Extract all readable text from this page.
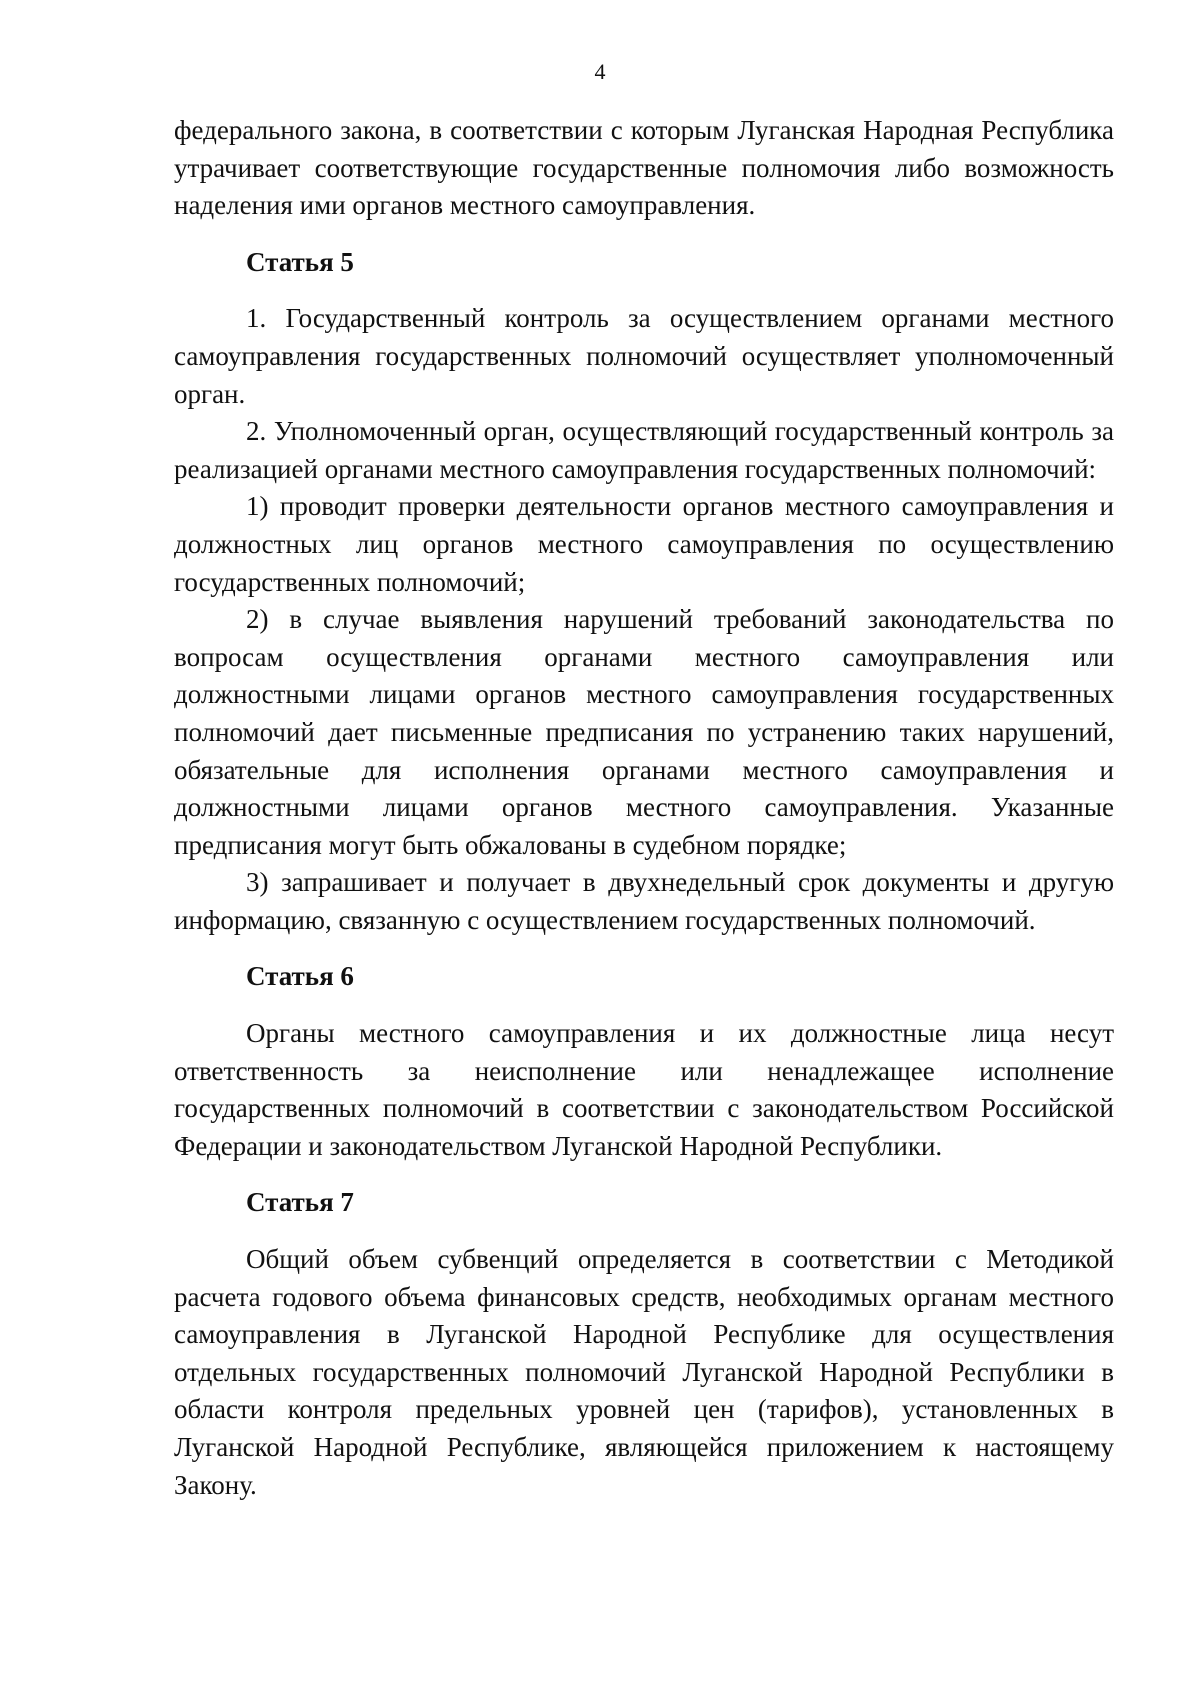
4

федерального закона, в соответствии с которым Луганская Народная Республика утрачивает соответствующие государственные полномочия либо возможность наделения ими органов местного самоуправления.

Статья 5

1. Государственный контроль за осуществлением органами местного самоуправления государственных полномочий осуществляет уполномоченный орган.

2. Уполномоченный орган, осуществляющий государственный контроль за реализацией органами местного самоуправления государственных полномочий:

1) проводит проверки деятельности органов местного самоуправления и должностных лиц органов местного самоуправления по осуществлению государственных полномочий;

2) в случае выявления нарушений требований законодательства по вопросам осуществления органами местного самоуправления или должностными лицами органов местного самоуправления государственных полномочий дает письменные предписания по устранению таких нарушений, обязательные для исполнения органами местного самоуправления и должностными лицами органов местного самоуправления. Указанные предписания могут быть обжалованы в судебном порядке;

3) запрашивает и получает в двухнедельный срок документы и другую информацию, связанную с осуществлением государственных полномочий.

Статья 6

Органы местного самоуправления и их должностные лица несут ответственность за неисполнение или ненадлежащее исполнение государственных полномочий в соответствии с законодательством Российской Федерации и законодательством Луганской Народной Республики.

Статья 7

Общий объем субвенций определяется в соответствии с Методикой расчета годового объема финансовых средств, необходимых органам местного самоуправления в Луганской Народной Республике для осуществления отдельных государственных полномочий Луганской Народной Республики в области контроля предельных уровней цен (тарифов), установленных в Луганской Народной Республике, являющейся приложением к настоящему Закону.
